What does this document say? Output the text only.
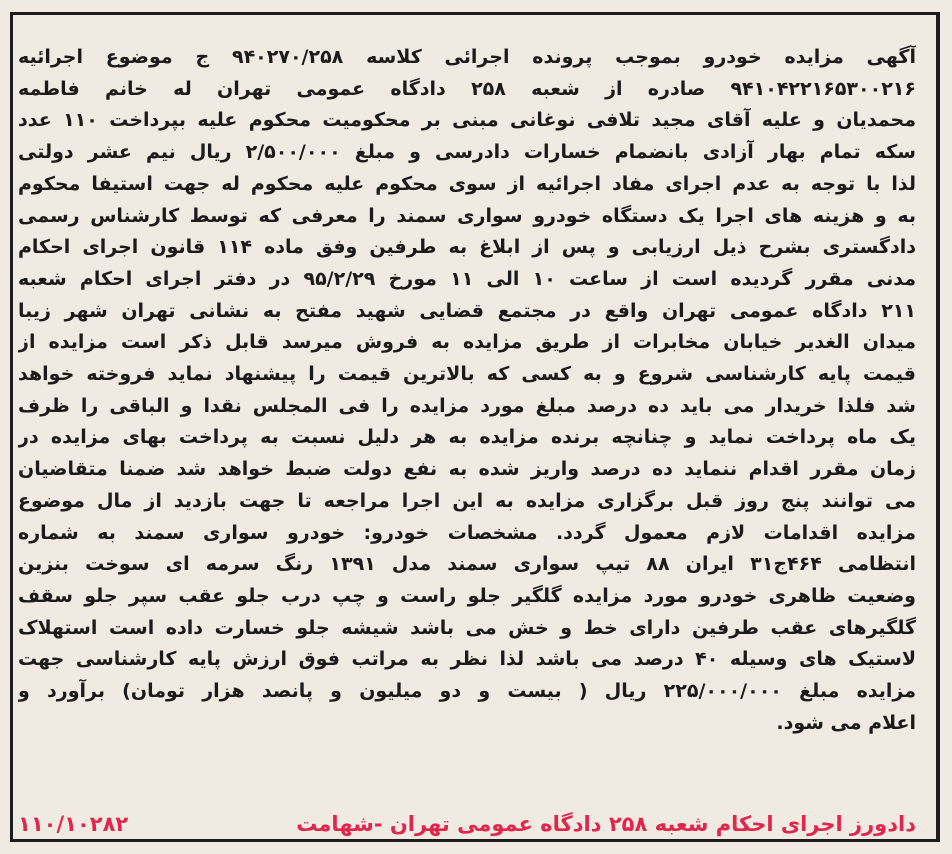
آگهی مزایده خودرو بموجب پرونده اجرائی کلاسه ۹۴۰۲۷۰/۲۵۸ ج موضوع اجرائیه
۹۴۱۰۴۲۲۱۶۵۳۰۰۲۱۶ صادره از شعبه ۲۵۸ دادگاه عمومی تهران له خانم فاطمه
محمدیان و علیه آقای مجید تلافی نوغانی مبنی بر محکومیت محکوم علیه بپرداخت ۱۱۰ عدد
سکه تمام بهار آزادی بانضمام خسارات دادرسی و مبلغ ۲/۵۰۰/۰۰۰ ریال نیم عشر دولتی
لذا با توجه به عدم اجرای مفاد اجرائیه از سوی محکوم علیه محکوم له جهت استیفا محکوم
به و هزینه های اجرا یک دستگاه خودرو سواری سمند را معرفی که توسط کارشناس رسمی
دادگستری بشرح ذیل ارزیابی و پس از ابلاغ به طرفین وفق ماده ۱۱۴ قانون اجرای احکام
مدنی مقرر گردیده است از ساعت ۱۰ الی ۱۱ مورخ ۹۵/۲/۲۹ در دفتر اجرای احکام شعبه
۲۱۱ دادگاه عمومی تهران واقع در مجتمع قضایی شهید مفتح به نشانی تهران شهر زیبا
میدان الغدیر خیابان مخابرات از طریق مزایده به فروش میرسد قابل ذکر است مزایده از
قیمت پایه کارشناسی شروع و به کسی که بالاترین قیمت را پیشنهاد نماید فروخته خواهد
شد فلذا خریدار می باید ده درصد مبلغ مورد مزایده را فی المجلس نقدا و الباقی را ظرف
یک ماه پرداخت نماید و چنانچه برنده مزایده به هر دلیل نسبت به پرداخت بهای مزایده در
زمان مقرر اقدام ننماید ده درصد واریز شده به نفع دولت ضبط خواهد شد ضمنا متقاضیان
می توانند پنج روز قبل برگزاری مزایده به این اجرا مراجعه تا جهت بازدید از مال موضوع
مزایده اقدامات لازم معمول گردد. مشخصات خودرو: خودرو سواری سمند به شماره
انتظامی ۴۶۴ج۳۱ ایران ۸۸ تیپ سواری سمند مدل ۱۳۹۱ رنگ سرمه ای سوخت بنزین
وضعیت ظاهری خودرو مورد مزایده گلگیر جلو راست و چپ درب جلو عقب سپر جلو سقف
گلگیرهای عقب طرفین دارای خط و خش می باشد شیشه جلو خسارت داده است استهلاک
لاستیک های وسیله ۴۰ درصد می باشد لذا نظر به مراتب فوق ارزش پایه کارشناسی جهت
مزایده مبلغ ۲۲۵/۰۰۰/۰۰۰ ریال ( بیست و دو میلیون و پانصد هزار تومان) برآورد و
اعلام می شود.
دادورز اجرای احکام شعبه ۲۵۸ دادگاه عمومی تهران -شهامت
۱۱۰/۱۰۲۸۲
